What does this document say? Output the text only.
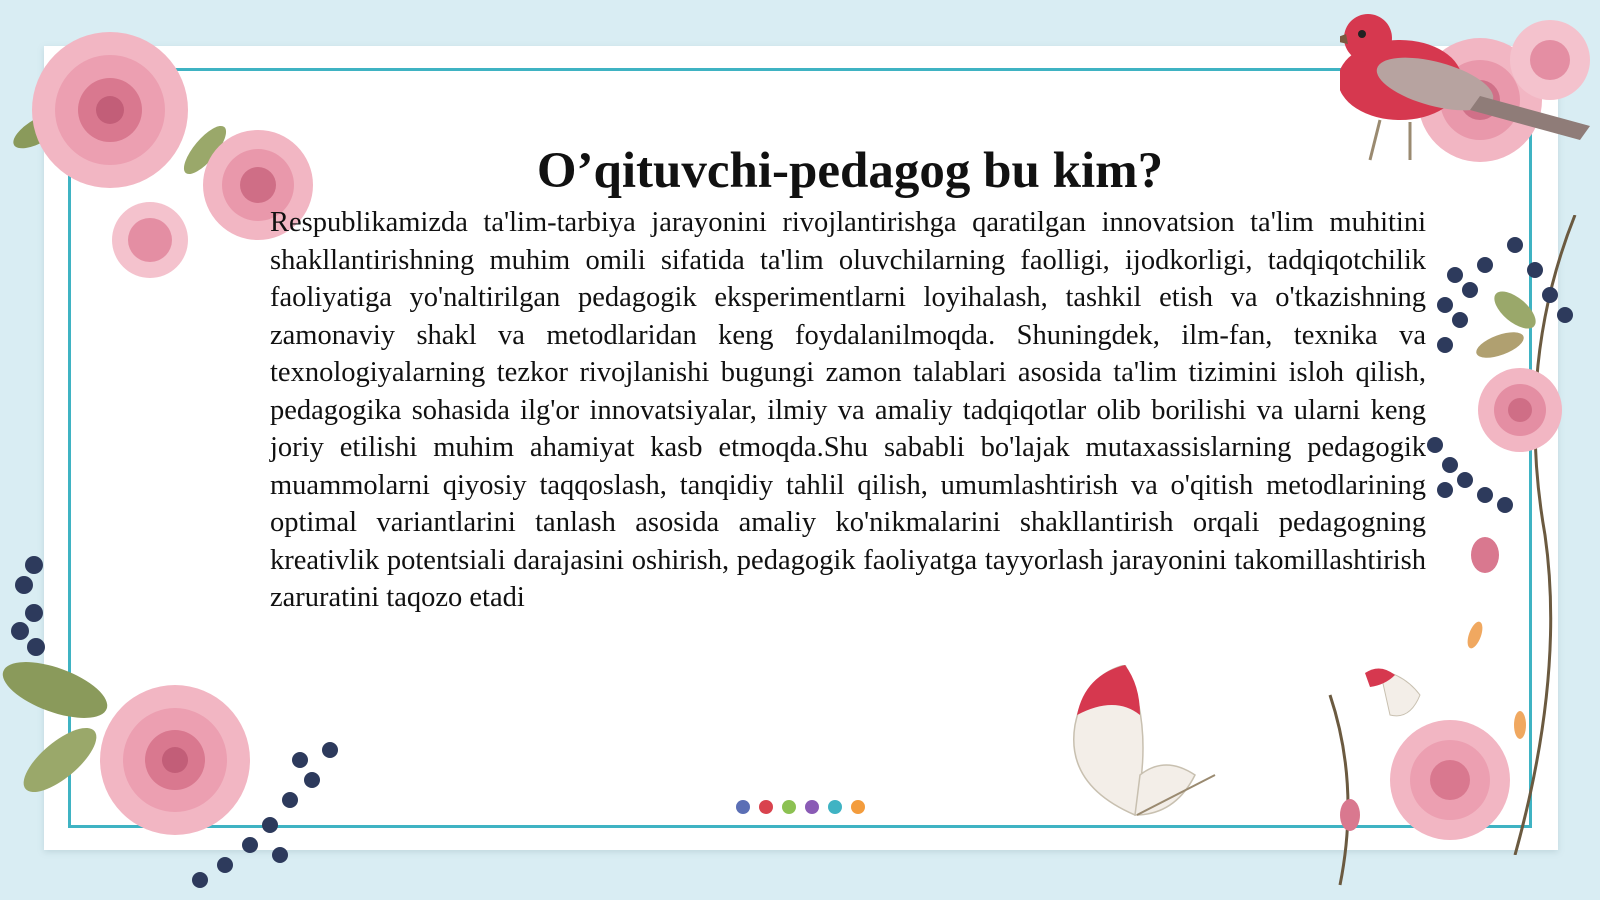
O’qituvchi-pedagog bu kim?

Respublikamizda ta'lim-tarbiya jarayonini rivojlantirishga qaratilgan innovatsion ta'lim muhitini shakllantirishning muhim omili sifatida ta'lim oluvchilarning faolligi, ijodkorligi, tadqiqotchilik faoliyatiga yo'naltirilgan pedagogik eksperimentlarni loyihalash, tashkil etish va o'tkazishning zamonaviy shakl va metodlaridan keng foydalanilmoqda. Shuningdek, ilm-fan, texnika va texnologiyalarning tezkor rivojlanishi bugungi zamon talablari asosida ta'lim tizimini isloh qilish, pedagogika sohasida ilg'or innovatsiyalar, ilmiy va amaliy tadqiqotlar olib borilishi va ularni keng joriy etilishi muhim ahamiyat kasb etmoqda.Shu sababli bo'lajak mutaxassislarning pedagogik muammolarni qiyosiy taqqoslash, tanqidiy tahlil qilish, umumlashtirish va o'qitish metodlarining optimal variantlarini tanlash asosida amaliy ko'nikmalarini shakllantirish orqali pedagogning kreativlik potentsiali darajasini oshirish, pedagogik faoliyatga tayyorlash jarayonini takomillashtirish zaruratini taqozo etadi
